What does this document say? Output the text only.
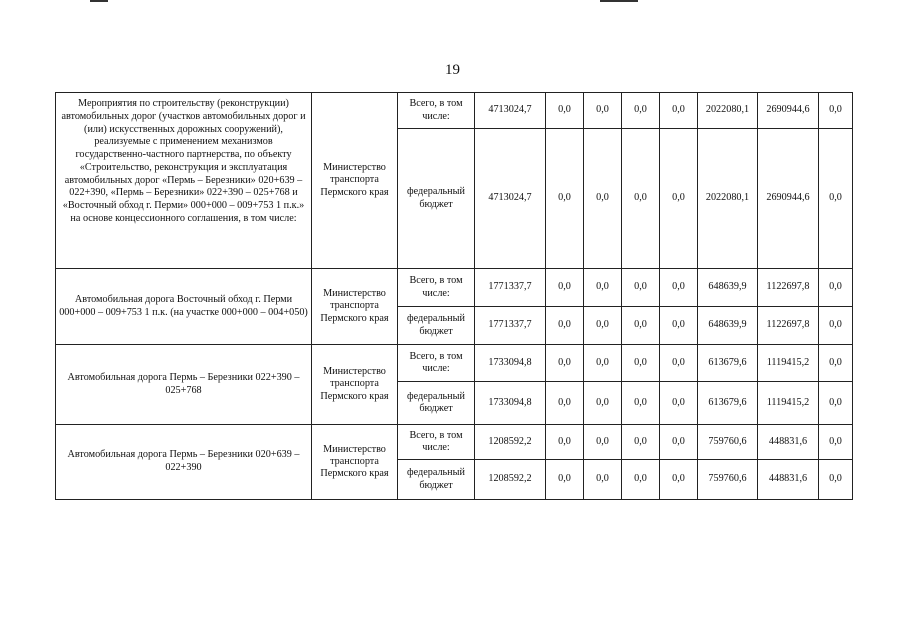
19
Мероприятия по строительству (реконструкции) автомобильных дорог (участков автомобильных дорог и (или) искусственных дорожных сооружений), реализуемые с применением механизмов государственно-частного партнерства, по объекту «Строительство, реконструкция и эксплуатация автомобильных дорог «Пермь – Березники» 020+639 – 022+390, «Пермь – Березники» 022+390 – 025+768 и «Восточный обход г. Перми» 000+000 – 009+753 1 п.к.» на основе концессионного соглашения, в том числе:	Министерство транспорта Пермского края	Всего, в том числе:	4713024,7	0,0	0,0	0,0	0,0	2022080,1	2690944,6	0,0
		федеральный бюджет	4713024,7	0,0	0,0	0,0	0,0	2022080,1	2690944,6	0,0
Автомобильная дорога Восточный обход г. Перми 000+000 – 009+753 1 п.к. (на участке 000+000 – 004+050)	Министерство транспорта Пермского края	Всего, в том числе:	1771337,7	0,0	0,0	0,0	0,0	648639,9	1122697,8	0,0
		федеральный бюджет	1771337,7	0,0	0,0	0,0	0,0	648639,9	1122697,8	0,0
Автомобильная дорога Пермь – Березники 022+390 – 025+768	Министерство транспорта Пермского края	Всего, в том числе:	1733094,8	0,0	0,0	0,0	0,0	613679,6	1119415,2	0,0
		федеральный бюджет	1733094,8	0,0	0,0	0,0	0,0	613679,6	1119415,2	0,0
Автомобильная дорога Пермь – Березники 020+639 – 022+390	Министерство транспорта Пермского края	Всего, в том числе:	1208592,2	0,0	0,0	0,0	0,0	759760,6	448831,6	0,0
		федеральный бюджет	1208592,2	0,0	0,0	0,0	0,0	759760,6	448831,6	0,0
